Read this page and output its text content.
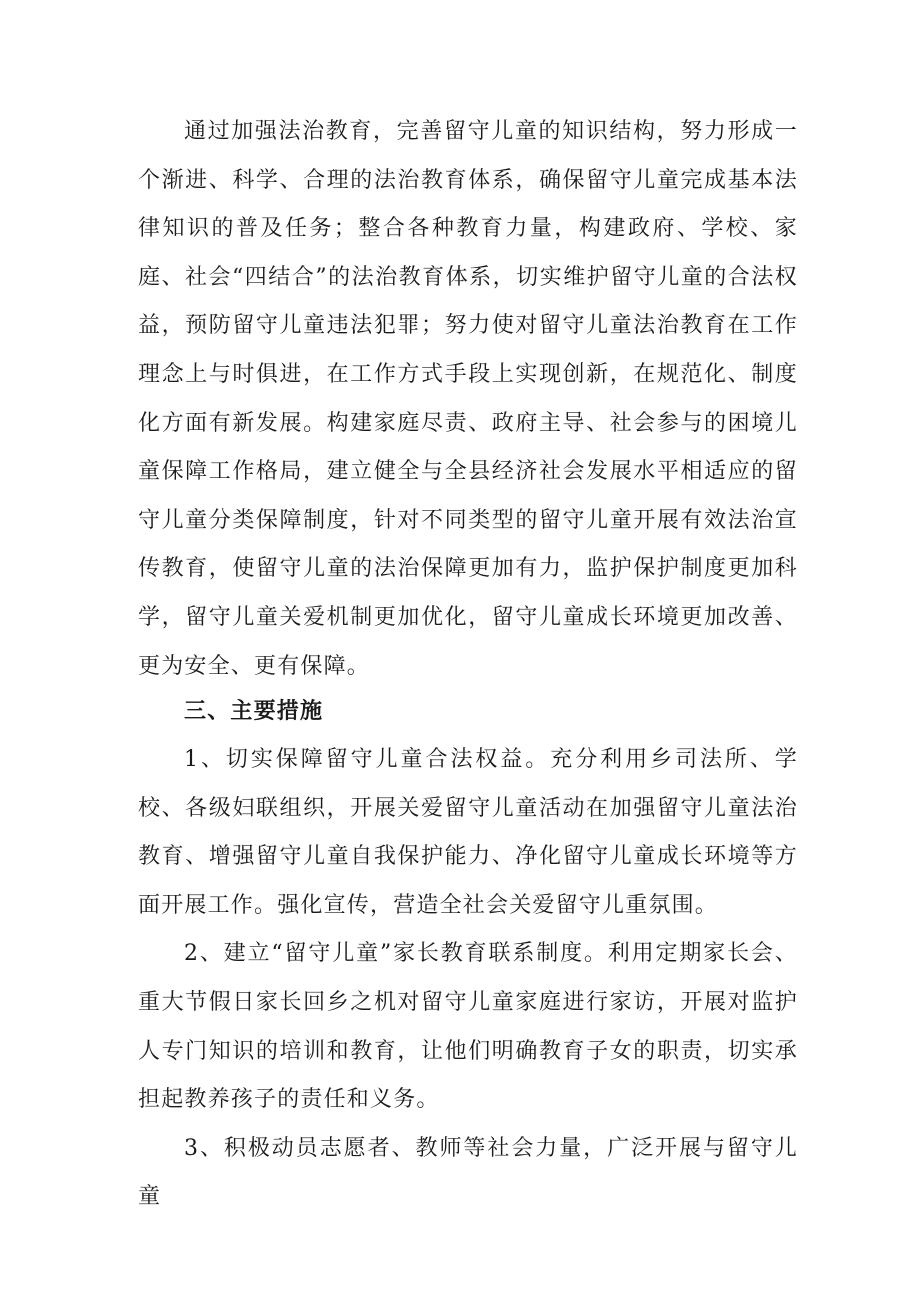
通过加强法治教育，完善留守儿童的知识结构，努力形成一个渐进、科学、合理的法治教育体系，确保留守儿童完成基本法律知识的普及任务；整合各种教育力量，构建政府、学校、家庭、社会“四结合”的法治教育体系，切实维护留守儿童的合法权益，预防留守儿童违法犯罪；努力使对留守儿童法治教育在工作理念上与时俱进，在工作方式手段上实现创新，在规范化、制度化方面有新发展。构建家庭尽责、政府主导、社会参与的困境儿童保障工作格局，建立健全与全县经济社会发展水平相适应的留守儿童分类保障制度，针对不同类型的留守儿童开展有效法治宣传教育，使留守儿童的法治保障更加有力，监护保护制度更加科学，留守儿童关爱机制更加优化，留守儿童成长环境更加改善、更为安全、更有保障。

三、主要措施

1、切实保障留守儿童合法权益。充分利用乡司法所、学校、各级妇联组织，开展关爱留守儿童活动在加强留守儿童法治教育、增强留守儿童自我保护能力、净化留守儿童成长环境等方面开展工作。强化宣传，营造全社会关爱留守儿重氛围。

2、建立“留守儿童”家长教育联系制度。利用定期家长会、重大节假日家长回乡之机对留守儿童家庭进行家访，开展对监护人专门知识的培训和教育，让他们明确教育子女的职责，切实承担起教养孩子的责任和义务。

3、积极动员志愿者、教师等社会力量，广泛开展与留守儿童
